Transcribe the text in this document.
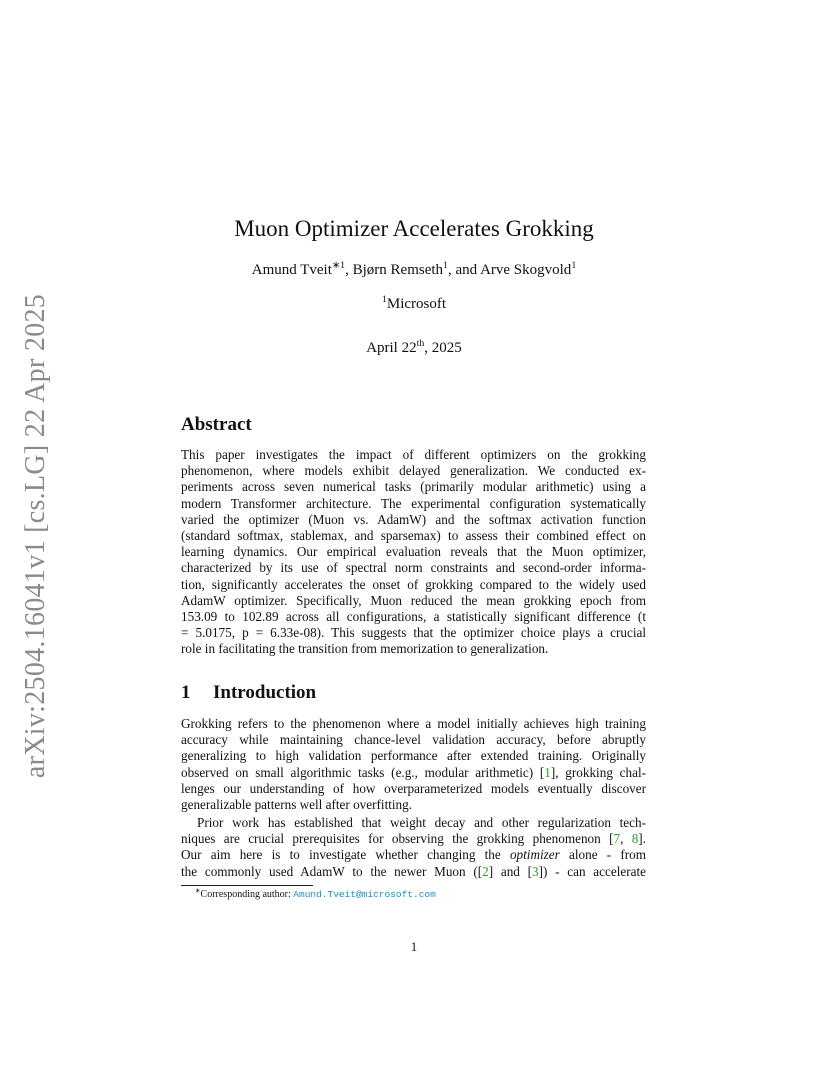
arXiv:2504.16041v1 [cs.LG] 22 Apr 2025
Muon Optimizer Accelerates Grokking
Amund Tveit$^{∗1}$, Bjørn Remseth$^1$, and Arve Skogvold$^1$
$^1$Microsoft
April 22th, 2025
Abstract
This paper investigates the impact of different optimizers on the grokking
phenomenon, where models exhibit delayed generalization. We conducted ex-
periments across seven numerical tasks (primarily modular arithmetic) using a
modern Transformer architecture. The experimental configuration systematically
varied the optimizer (Muon vs. AdamW) and the softmax activation function
(standard softmax, stablemax, and sparsemax) to assess their combined effect on
learning dynamics. Our empirical evaluation reveals that the Muon optimizer,
characterized by its use of spectral norm constraints and second-order informa-
tion, significantly accelerates the onset of grokking compared to the widely used
AdamW optimizer. Specifically, Muon reduced the mean grokking epoch from
153.09 to 102.89 across all configurations, a statistically significant difference (t
= 5.0175, p = 6.33e-08). This suggests that the optimizer choice plays a crucial
role in facilitating the transition from memorization to generalization.
1 Introduction
Grokking refers to the phenomenon where a model initially achieves high training
accuracy while maintaining chance-level validation accuracy, before abruptly
generalizing to high validation performance after extended training. Originally
observed on small algorithmic tasks (e.g., modular arithmetic) [1], grokking chal-
lenges our understanding of how overparameterized models eventually discover
generalizable patterns well after overfitting.
Prior work has established that weight decay and other regularization tech-
niques are crucial prerequisites for observing the grokking phenomenon [7, 8].
Our aim here is to investigate whether changing the optimizer alone - from
the commonly used AdamW to the newer Muon ([2] and [3]) - can accelerate
∗Corresponding author: Amund.Tveit@microsoft.com
1
